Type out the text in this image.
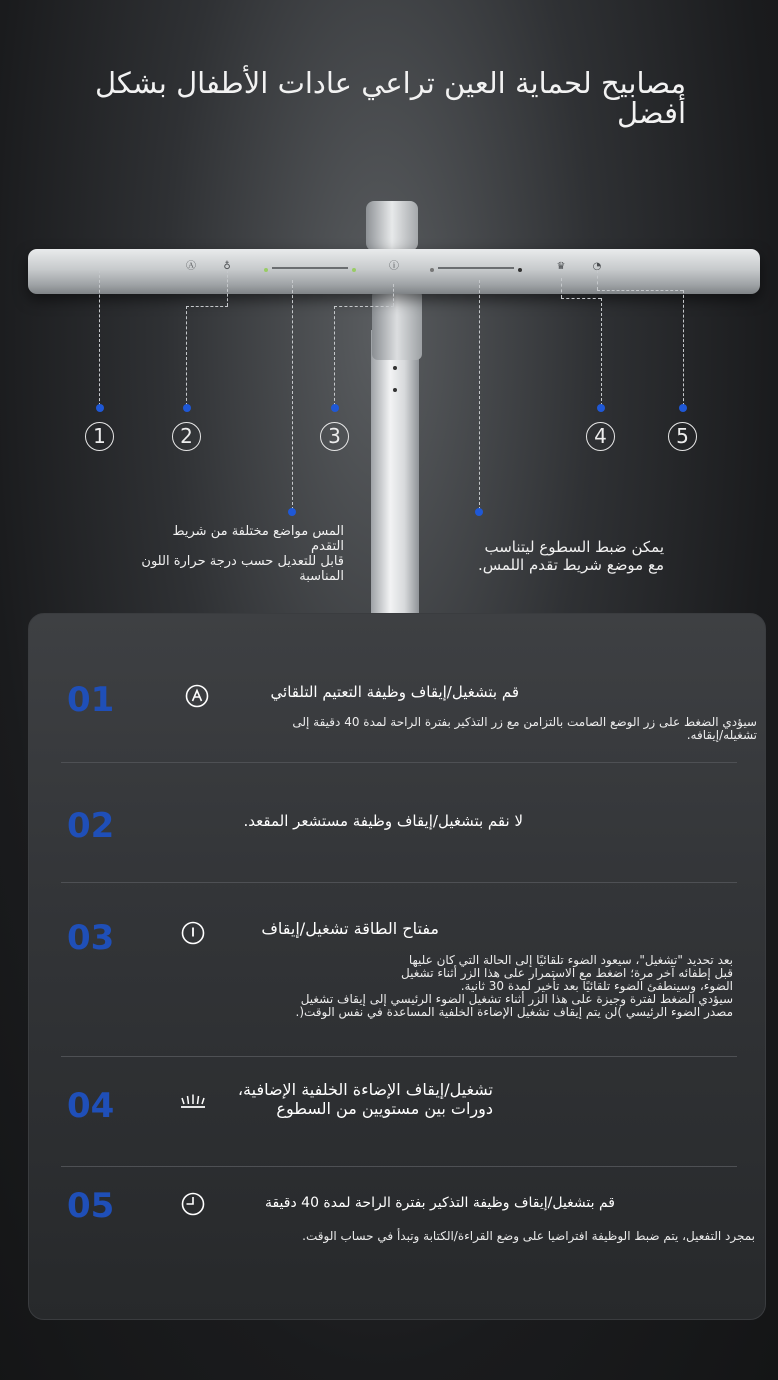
مصابيح لحماية العين تراعي عادات الأطفال بشكل أفضل
Ⓐ	♁	ⓘ	♛	◔
1	2	3	4	5
المس مواضع مختلفة من شريط التقدم
قابل للتعديل حسب درجة حرارة اللون المناسبة
يمكن ضبط السطوع ليتناسب
مع موضع شريط تقدم اللمس.
01	قم بتشغيل/إيقاف وظيفة التعتيم التلقائي
سيؤدي الضغط على زر الوضع الصامت بالتزامن مع زر التذكير بفترة الراحة لمدة 40 دقيقة إلى
تشغيله/إيقافه.
02	لا نقم بتشغيل/إيقاف وظيفة مستشعر المقعد.
03	مفتاح الطاقة تشغيل/إيقاف
بعد تحديد "تشغيل"، سيعود الضوء تلقائيًا إلى الحالة التي كان عليها
قبل إطفائه آخر مرة؛ اضغط مع الاستمرار على هذا الزر أثناء تشغيل
الضوء، وسينطفئ الضوء تلقائيًا بعد تأخير لمدة 30 ثانية.
سيؤدي الضغط لفترة وجيزة على هذا الزر أثناء تشغيل الضوء الرئيسي إلى إيقاف تشغيل
مصدر الضوء الرئيسي )لن يتم إيقاف تشغيل الإضاءة الخلفية المساعدة في نفس الوقت(.
04	تشغيل/إيقاف الإضاءة الخلفية الإضافية، دورات بين مستويين من السطوع
05	قم بتشغيل/إيقاف وظيفة التذكير بفترة الراحة لمدة 40 دقيقة
بمجرد التفعيل، يتم ضبط الوظيفة افتراضيا على وضع القراءة/الكتابة وتبدأ في حساب الوقت.
